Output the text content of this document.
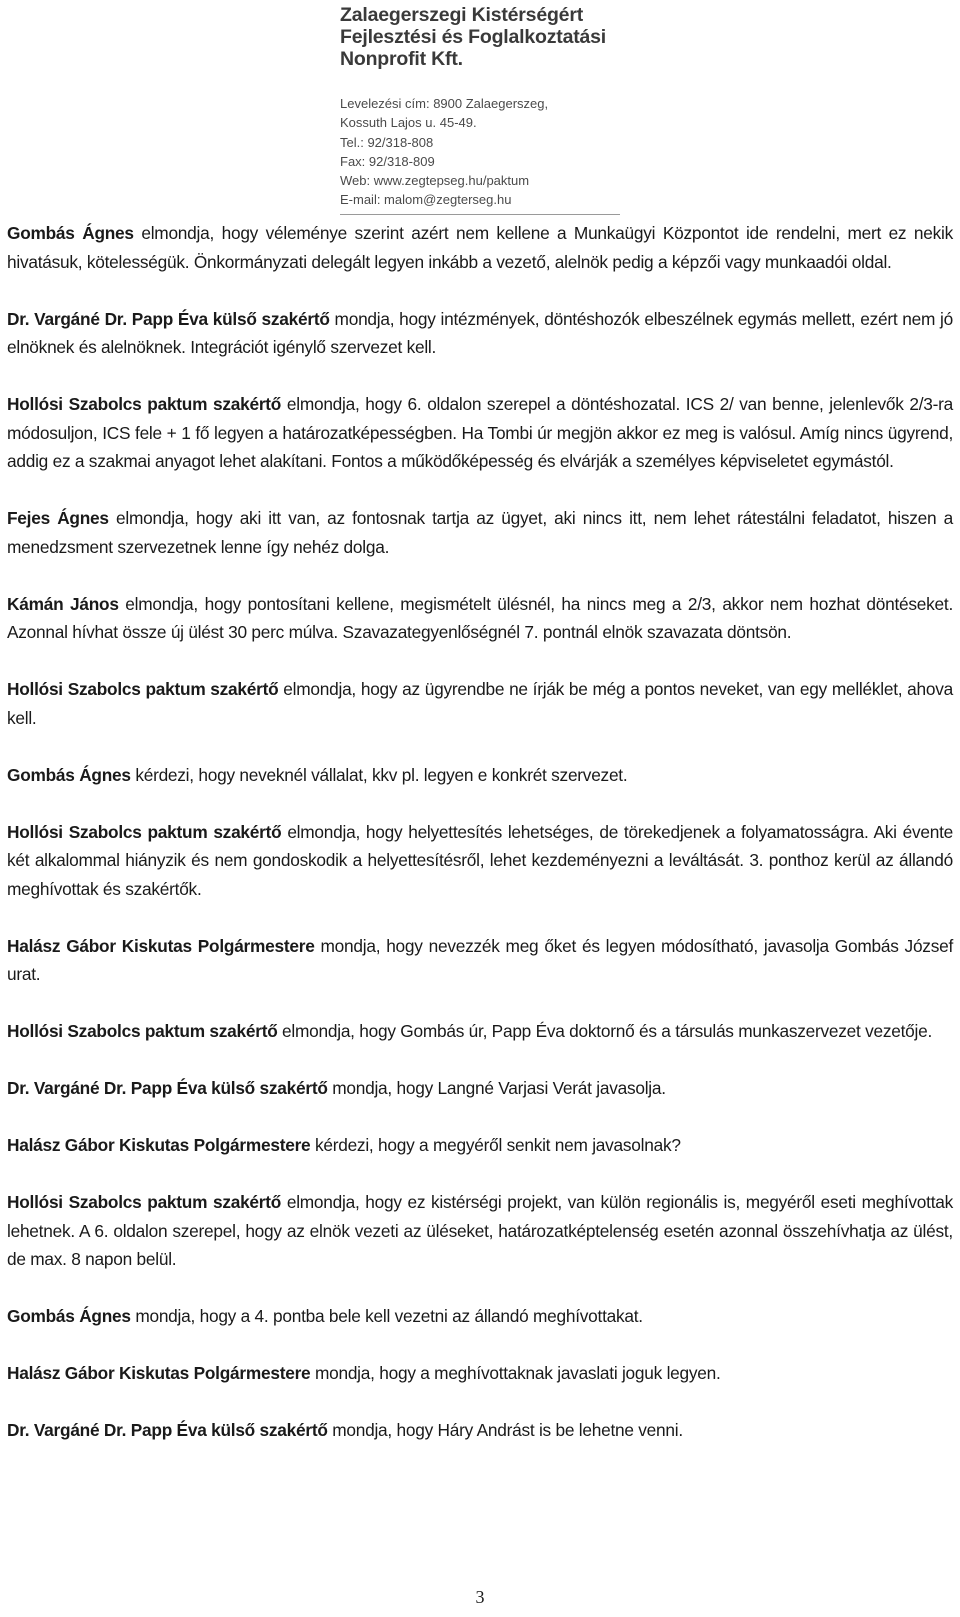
Zalaegerszegi Kistérségért
Fejlesztési és Foglalkoztatási
Nonprofit Kft.
Levelezési cím: 8900 Zalaegerszeg,
Kossuth Lajos u. 45-49.
Tel.: 92/318-808
Fax: 92/318-809
Web: www.zegtерseg.hu/paktum
E-mail: malom@zegterseg.hu

Gombás Ágnes elmondja, hogy véleménye szerint azért nem kellene a Munkaügyi Központot ide rendelni, mert ez nekik hivatásuk, kötelességük. Önkormányzati delegált legyen inkább a vezető, alelnök pedig a képzői vagy munkaadói oldal.

Dr. Vargáné Dr. Papp Éva külső szakértő mondja, hogy intézmények, döntéshozók elbeszélnek egymás mellett, ezért nem jó elnöknek és alelnöknek. Integrációt igénylő szervezet kell.

Hollósi Szabolcs paktum szakértő elmondja, hogy 6. oldalon szerepel a döntéshozatal. ICS 2/ van benne, jelenlevők 2/3-ra módosuljon, ICS fele + 1 fő legyen a határozatképességben. Ha Tombi úr megjön akkor ez meg is valósul. Amíg nincs ügyrend, addig ez a szakmai anyagot lehet alakítani. Fontos a működőképesség és elvárják a személyes képviseletet egymástól.

Fejes Ágnes elmondja, hogy aki itt van, az fontosnak tartja az ügyet, aki nincs itt, nem lehet rátestálni feladatot, hiszen a menedzsment szervezetnek lenne így nehéz dolga.

Kámán János elmondja, hogy pontosítani kellene, megismételt ülésnél, ha nincs meg a 2/3, akkor nem hozhat döntéseket. Azonnal hívhat össze új ülést 30 perc múlva. Szavazategyenlőségnél 7. pontnál elnök szavazata döntsön.

Hollósi Szabolcs paktum szakértő elmondja, hogy az ügyrendbe ne írják be még a pontos neveket, van egy melléklet, ahova kell.

Gombás Ágnes kérdezi, hogy neveknél vállalat, kkv pl. legyen e konkrét szervezet.

Hollósi Szabolcs paktum szakértő elmondja, hogy helyettesítés lehetséges, de törekedjenek a folyamatosságra. Aki évente két alkalommal hiányzik és nem gondoskodik a helyettesítésről, lehet kezdeményezni a leváltását. 3. ponthoz kerül az állandó meghívottak és szakértők.

Halász Gábor Kiskutas Polgármestere mondja, hogy nevezzék meg őket és legyen módosítható, javasolja Gombás József urat.

Hollósi Szabolcs paktum szakértő elmondja, hogy Gombás úr, Papp Éva doktornő és a társulás munkaszervezet vezetője.

Dr. Vargáné Dr. Papp Éva külső szakértő mondja, hogy Langné Varjasi Verát javasolja.

Halász Gábor Kiskutas Polgármestere kérdezi, hogy a megyéről senkit nem javasolnak?

Hollósi Szabolcs paktum szakértő elmondja, hogy ez kistérségi projekt, van külön regionális is, megyéről eseti meghívottak lehetnek. A 6. oldalon szerepel, hogy az elnök vezeti az üléseket, határozatképtelenség esetén azonnal összehívhatja az ülést, de max. 8 napon belül.

Gombás Ágnes mondja, hogy a 4. pontba bele kell vezetni az állandó meghívottakat.

Halász Gábor Kiskutas Polgármestere mondja, hogy a meghívottaknak javaslati joguk legyen.

Dr. Vargáné Dr. Papp Éva külső szakértő mondja, hogy Háry Andrást is be lehetne venni.

3
